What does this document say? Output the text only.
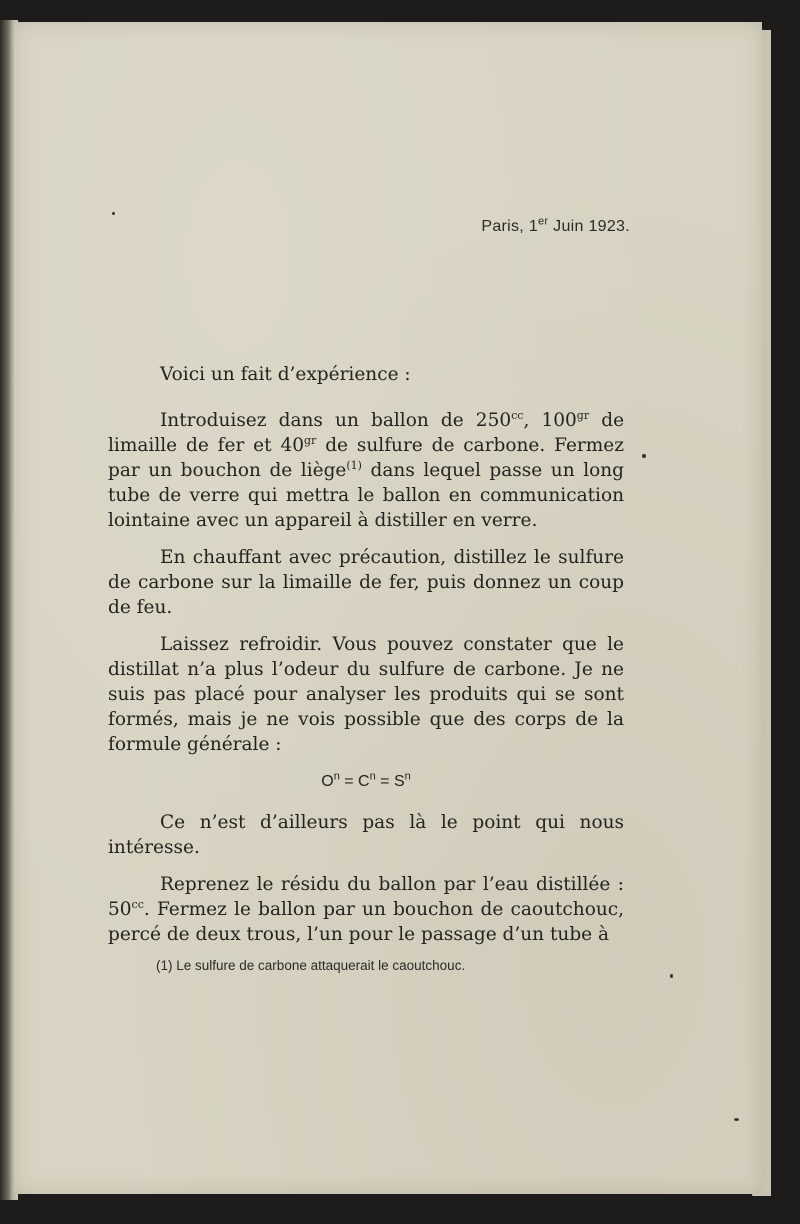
Paris, 1er Juin 1923.

Voici un fait d’expérience :

Introduisez dans un ballon de $250^{cc}$, $100^{gr}$ de limaille de fer et $40^{gr}$ de sulfure de carbone. Fermez par un bouchon de liège$^{(1)}$ dans lequel passe un long tube de verre qui mettra le ballon en communication lointaine avec un appareil à distiller en verre.

En chauffant avec précaution, distillez le sulfure de carbone sur la limaille de fer, puis donnez un coup de feu.

Laissez refroidir. Vous pouvez constater que le distillat n’a plus l’odeur du sulfure de carbone. Je ne suis pas placé pour analyser les produits qui se sont formés, mais je ne vois possible que des corps de la formule générale :

$O^n = C^n = S^n$

Ce n’est d’ailleurs pas là le point qui nous intéresse.

Reprenez le résidu du ballon par l’eau distillée : $50^{cc}$. Fermez le ballon par un bouchon de caoutchouc, percé de deux trous, l’un pour le passage d’un tube à

(1) Le sulfure de carbone attaquerait le caoutchouc.
